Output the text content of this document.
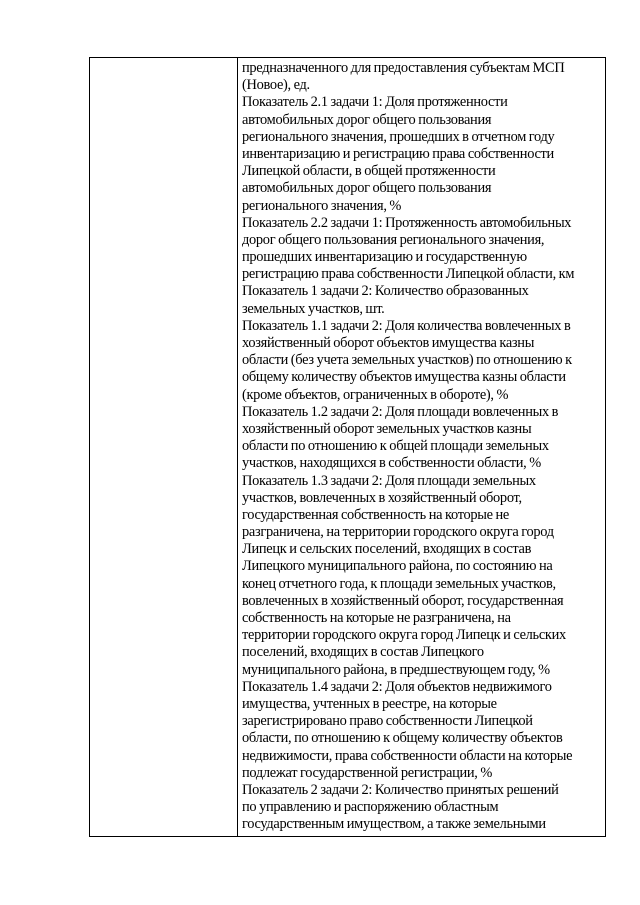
предназначенного для предоставления субъектам МСП
(Новое), ед.
Показатель 2.1 задачи 1: Доля протяженности
автомобильных дорог общего пользования
регионального значения, прошедших в отчетном году
инвентаризацию и регистрацию права собственности
Липецкой области, в общей протяженности
автомобильных дорог общего пользования
регионального значения, %
Показатель 2.2 задачи 1: Протяженность автомобильных
дорог общего пользования регионального значения,
прошедших инвентаризацию и государственную
регистрацию права собственности Липецкой области, км
Показатель 1 задачи 2: Количество образованных
земельных участков, шт.
Показатель 1.1 задачи 2: Доля количества вовлеченных в
хозяйственный оборот объектов имущества казны
области (без учета земельных участков) по отношению к
общему количеству объектов имущества казны области
(кроме объектов, ограниченных в обороте), %
Показатель 1.2 задачи 2: Доля площади вовлеченных в
хозяйственный оборот земельных участков казны
области по отношению к общей площади земельных
участков, находящихся в собственности области, %
Показатель 1.3 задачи 2: Доля площади земельных
участков, вовлеченных в хозяйственный оборот,
государственная собственность на которые не
разграничена, на территории городского округа город
Липецк и сельских поселений, входящих в состав
Липецкого муниципального района, по состоянию на
конец отчетного года, к площади земельных участков,
вовлеченных в хозяйственный оборот, государственная
собственность на которые не разграничена, на
территории городского округа город Липецк и сельских
поселений, входящих в состав Липецкого
муниципального района, в предшествующем году, %
Показатель 1.4 задачи 2: Доля объектов недвижимого
имущества, учтенных в реестре, на которые
зарегистрировано право собственности Липецкой
области, по отношению к общему количеству объектов
недвижимости, права собственности области на которые
подлежат государственной регистрации, %
Показатель 2 задачи 2: Количество принятых решений
по управлению и распоряжению областным
государственным имуществом, а также земельными
